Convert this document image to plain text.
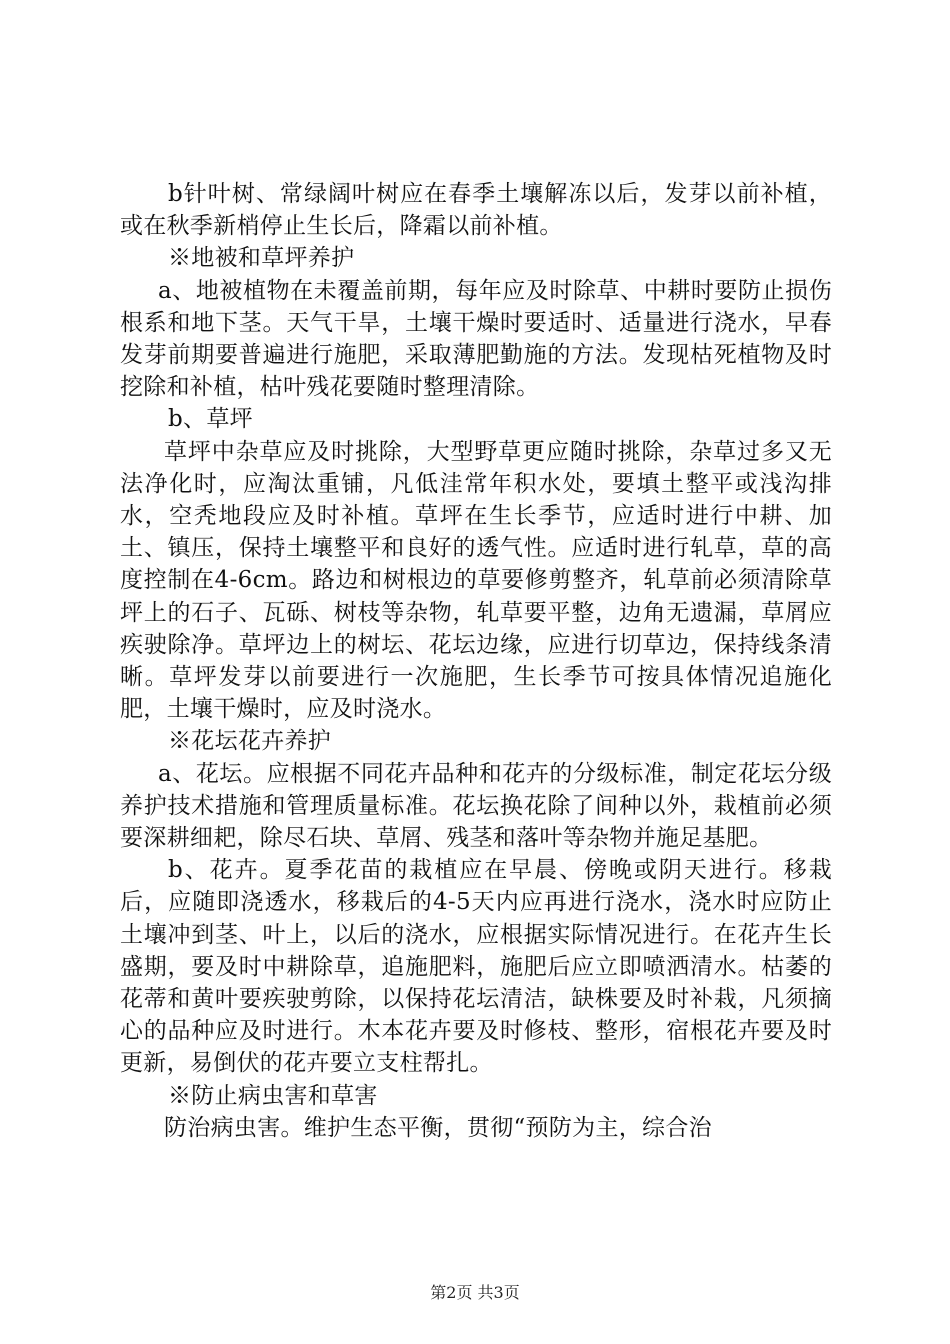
b针叶树、常绿阔叶树应在春季土壤解冻以后，发芽以前补植，或在秋季新梢停止生长后，降霜以前补植。

※地被和草坪养护

a、地被植物在未覆盖前期，每年应及时除草、中耕时要防止损伤根系和地下茎。天气干旱，土壤干燥时要适时、适量进行浇水，早春发芽前期要普遍进行施肥，采取薄肥勤施的方法。发现枯死植物及时挖除和补植，枯叶残花要随时整理清除。

b、草坪

草坪中杂草应及时挑除，大型野草更应随时挑除，杂草过多又无法净化时，应淘汰重铺，凡低洼常年积水处，要填土整平或浅沟排水，空秃地段应及时补植。草坪在生长季节，应适时进行中耕、加土、镇压，保持土壤整平和良好的透气性。应适时进行轧草，草的高度控制在4-6cm。路边和树根边的草要修剪整齐，轧草前必须清除草坪上的石子、瓦砾、树枝等杂物，轧草要平整，边角无遗漏，草屑应疾驶除净。草坪边上的树坛、花坛边缘，应进行切草边，保持线条清晰。草坪发芽以前要进行一次施肥，生长季节可按具体情况追施化肥，土壤干燥时，应及时浇水。

※花坛花卉养护

a、花坛。应根据不同花卉品种和花卉的分级标准，制定花坛分级养护技术措施和管理质量标准。花坛换花除了间种以外，栽植前必须要深耕细耙，除尽石块、草屑、残茎和落叶等杂物并施足基肥。

b、花卉。夏季花苗的栽植应在早晨、傍晚或阴天进行。移栽后，应随即浇透水，移栽后的4-5天内应再进行浇水，浇水时应防止土壤冲到茎、叶上，以后的浇水，应根据实际情况进行。在花卉生长盛期，要及时中耕除草，追施肥料，施肥后应立即喷洒清水。枯萎的花蒂和黄叶要疾驶剪除，以保持花坛清洁，缺株要及时补栽，凡须摘心的品种应及时进行。木本花卉要及时修枝、整形，宿根花卉要及时更新，易倒伏的花卉要立支柱帮扎。

※防止病虫害和草害

防治病虫害。维护生态平衡，贯彻“预防为主，综合治

第2页 共3页
